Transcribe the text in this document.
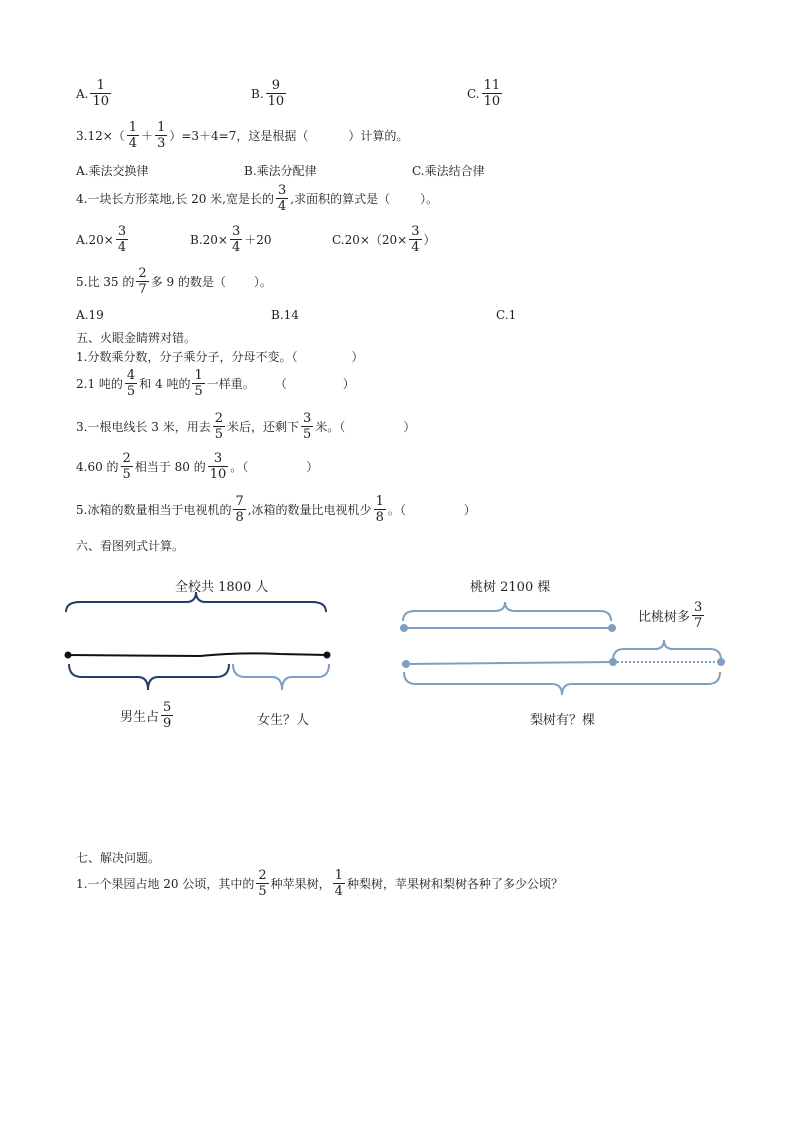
A. $\frac{1}{10}$	B. $\frac{9}{10}$	C. $\frac{11}{10}$
$3.12\times( \frac{1}{4} + \frac{1}{3} )=3+4=7$，这是根据（	）计算的。
A.乘法交换律	B.乘法分配律	C.乘法结合律
4.一块长方形菜地,长 20 米,宽是长的 $\frac{3}{4}$ ,求面积的算式是（	）。
$A.20\times \frac{3}{4}$	$B.20\times \frac{3}{4} +20$	$C.20\times(20\times \frac{3}{4}$ ）
5.比 35 的 $\frac{2}{7}$ 多 9 的数是（ ）。
A.19	B.14	C.1
五、火眼金睛辨对错。
1.分数乘分数，分子乘分子，分母不变。（	）
2.1 吨的 $\frac{4}{5}$ 和 4 吨的 $\frac{1}{5}$ 一样重。 （	）
3.一根电线长 3 米，用去 $\frac{2}{5}$ 米后，还剩下 $\frac{3}{5}$ 米。（	）
4.60 的 $\frac{2}{5}$ 相当于 80 的 $\frac{3}{10}$ 。（	）
5.冰箱的数量相当于电视机的 $\frac{7}{8}$ ,冰箱的数量比电视机少 $\frac{1}{8}$ 。（	）
六、看图列式计算。
全校共 1800 人
男生占 $\frac{5}{9}$	女生？人
桃树 2100 棵
比桃树多 $\frac{3}{7}$
梨树有？棵
七、解决问题。
1.一个果园占地 20 公顷，其中的 $\frac{2}{5}$ 种苹果树， $\frac{1}{4}$ 种梨树，苹果树和梨树各种了多少公顷？
